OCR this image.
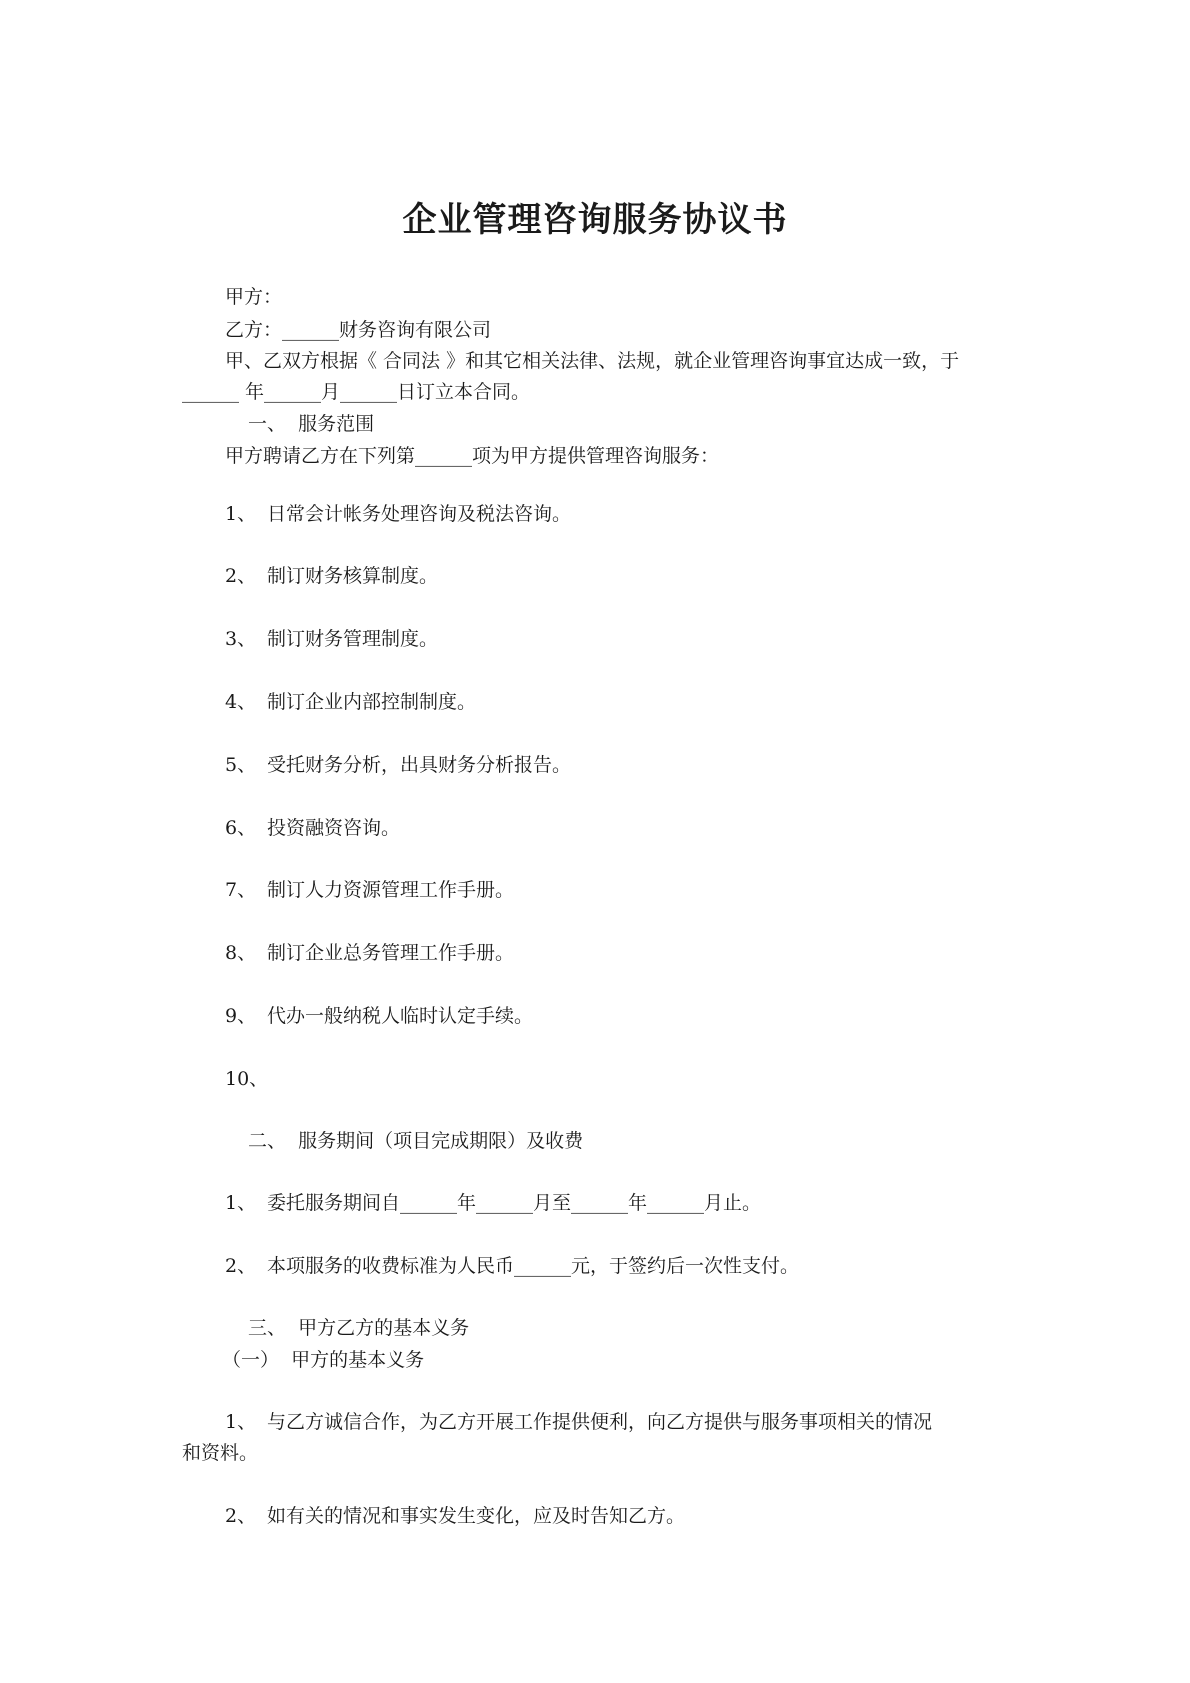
企业管理咨询服务协议书
甲方：
乙方：______财务咨询有限公司
甲、乙双方根据《 合同法 》和其它相关法律、法规，就企业管理咨询事宜达成一致，于
______ 年______月______日订立本合同。
一、  服务范围
甲方聘请乙方在下列第______项为甲方提供管理咨询服务：
1、 日常会计帐务处理咨询及税法咨询。
2、 制订财务核算制度。
3、 制订财务管理制度。
4、 制订企业内部控制制度。
5、 受托财务分析，出具财务分析报告。
6、 投资融资咨询。
7、 制订人力资源管理工作手册。
8、 制订企业总务管理工作手册。
9、 代办一般纳税人临时认定手续。
10、
二、  服务期间（项目完成期限）及收费
1、 委托服务期间自______年______月至______年______月止。
2、 本项服务的收费标准为人民币______元，于签约后一次性支付。
三、  甲方乙方的基本义务
（一）  甲方的基本义务
1、 与乙方诚信合作，为乙方开展工作提供便利，向乙方提供与服务事项相关的情况
和资料。
2、 如有关的情况和事实发生变化，应及时告知乙方。
